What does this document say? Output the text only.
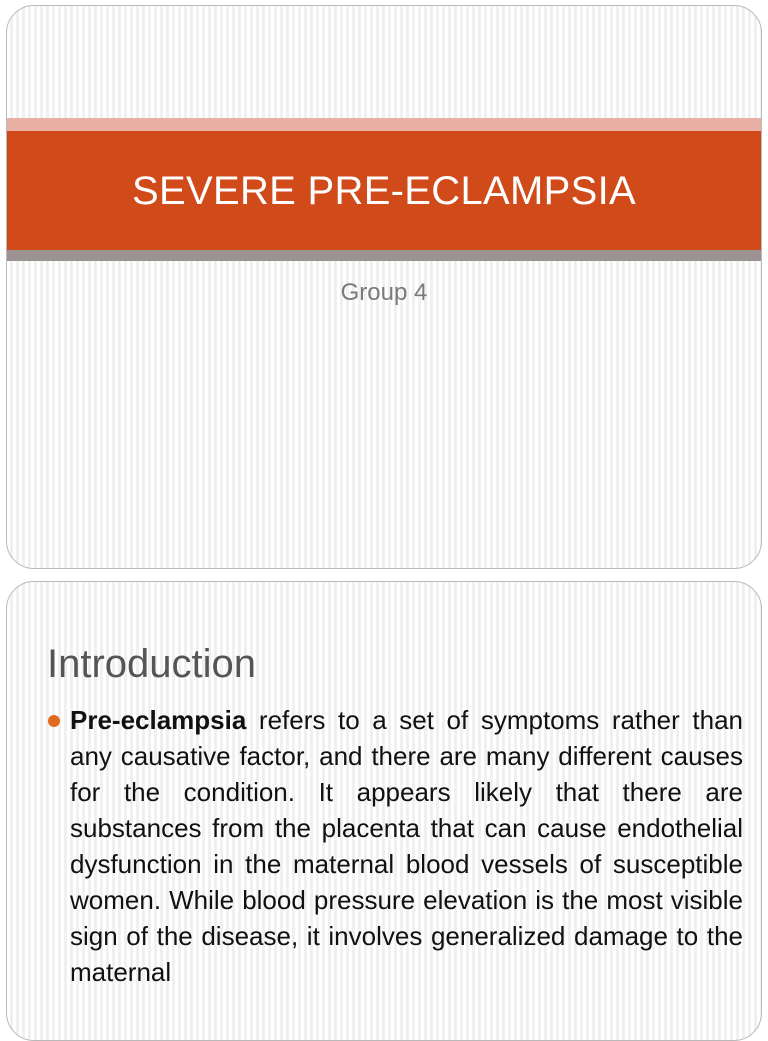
SEVERE PRE-ECLAMPSIA
Group 4
Introduction

Pre-eclampsia refers to a set of symptoms rather than any causative factor, and there are many different causes for the condition. It appears likely that there are substances from the placenta that can cause endothelial dysfunction in the maternal blood vessels of susceptible women. While blood pressure elevation is the most visible sign of the disease, it involves generalized damage to the maternal
